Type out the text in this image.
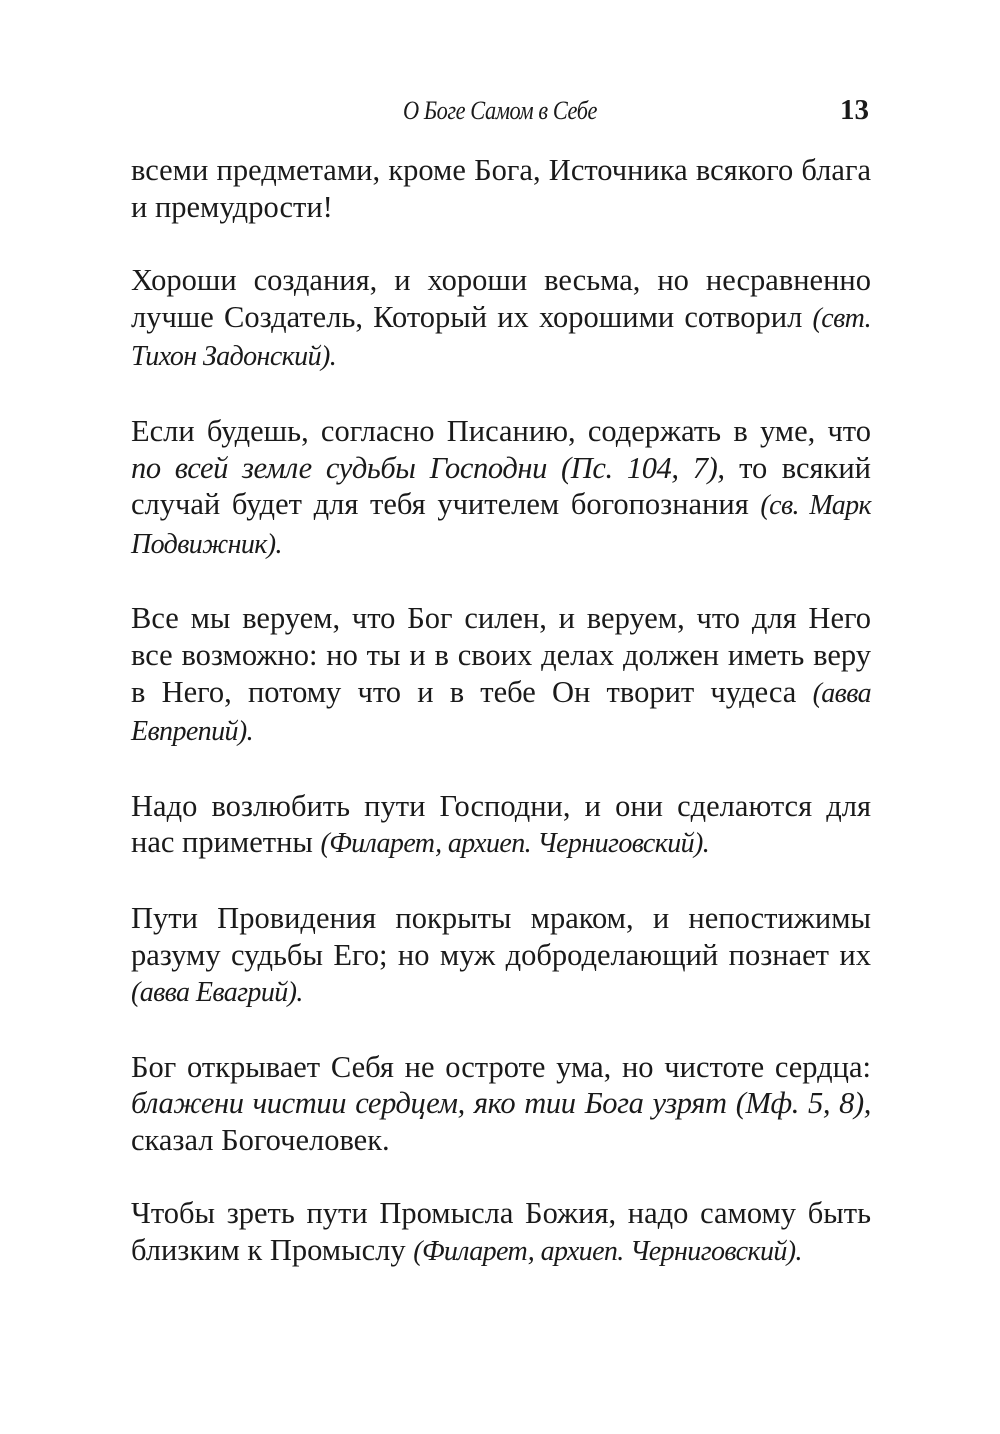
О Боге Самом в Себе	13

всеми предметами, кроме Бога, Источника всякого блага и премудрости!

Хороши создания, и хороши весьма, но несравненно лучше Создатель, Который их хорошими сотворил (свт. Тихон Задонский).

Если будешь, согласно Писанию, содержать в уме, что по всей земле судьбы Господни (Пс. 104, 7), то всякий случай будет для тебя учителем богопознания (св. Марк Подвижник).

Все мы веруем, что Бог силен, и веруем, что для Него все возможно: но ты и в своих делах должен иметь веру в Него, потому что и в тебе Он творит чудеса (авва Евпрепий).

Надо возлюбить пути Господни, и они сделаются для нас приметны (Филарет, архиеп. Черниговский).

Пути Провидения покрыты мраком, и непостижимы разуму судьбы Его; но муж доброделающий познает их (авва Евагрий).

Бог открывает Себя не остроте ума, но чистоте сердца: блажени чистии сердцем, яко тии Бога узрят (Мф. 5, 8), сказал Богочеловек.

Чтобы зреть пути Промысла Божия, надо самому быть близким к Промыслу (Филарет, архиеп. Черниговский).
